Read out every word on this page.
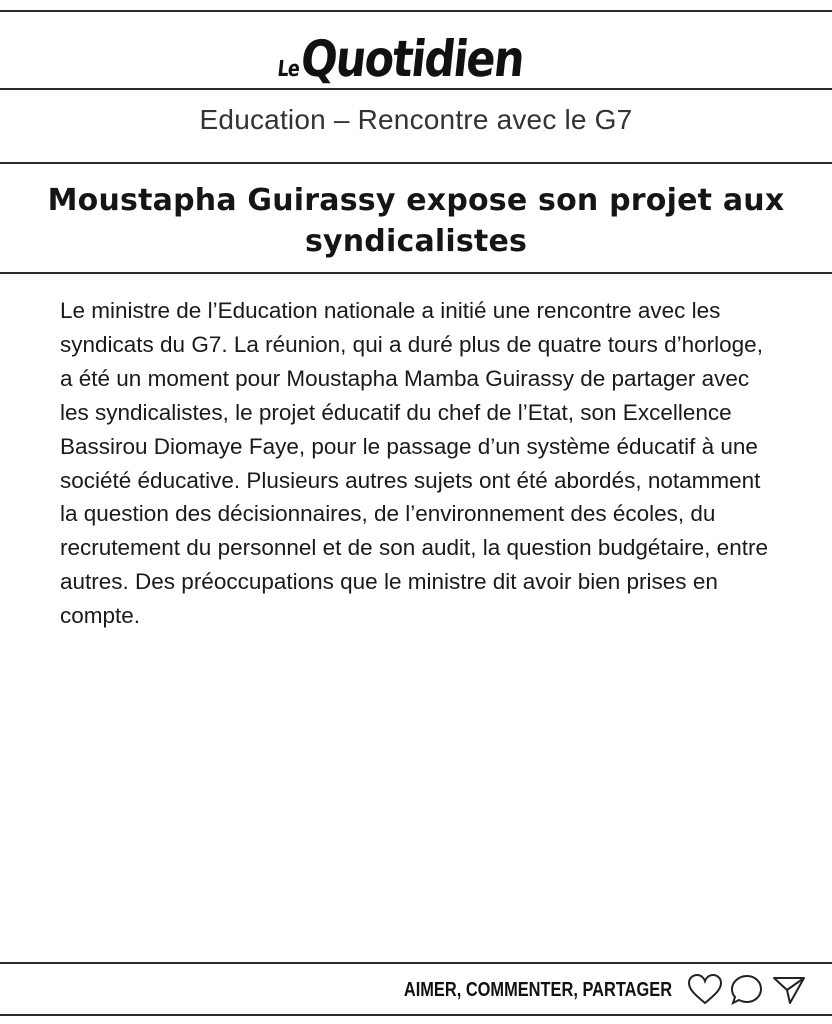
Le
Quotidien
Education – Rencontre avec le G7
Moustapha Guirassy expose son projet aux syndicalistes

Le ministre de l’Education nationale a initié une rencontre avec les syndicats du G7. La réunion, qui a duré plus de quatre tours d’horloge, a été un moment pour Moustapha Mamba Guirassy de partager avec les syndicalistes, le projet éducatif du chef de l’Etat, son Excellence Bassirou Diomaye Faye, pour le passage d’un système éducatif à une société éducative. Plusieurs autres sujets ont été abordés, notamment la question des décisionnaires, de l’environnement des écoles, du recrutement du personnel et de son audit, la question budgétaire, entre autres. Des préoccupations que le ministre dit avoir bien prises en compte.

AIMER, COMMENTER, PARTAGER
